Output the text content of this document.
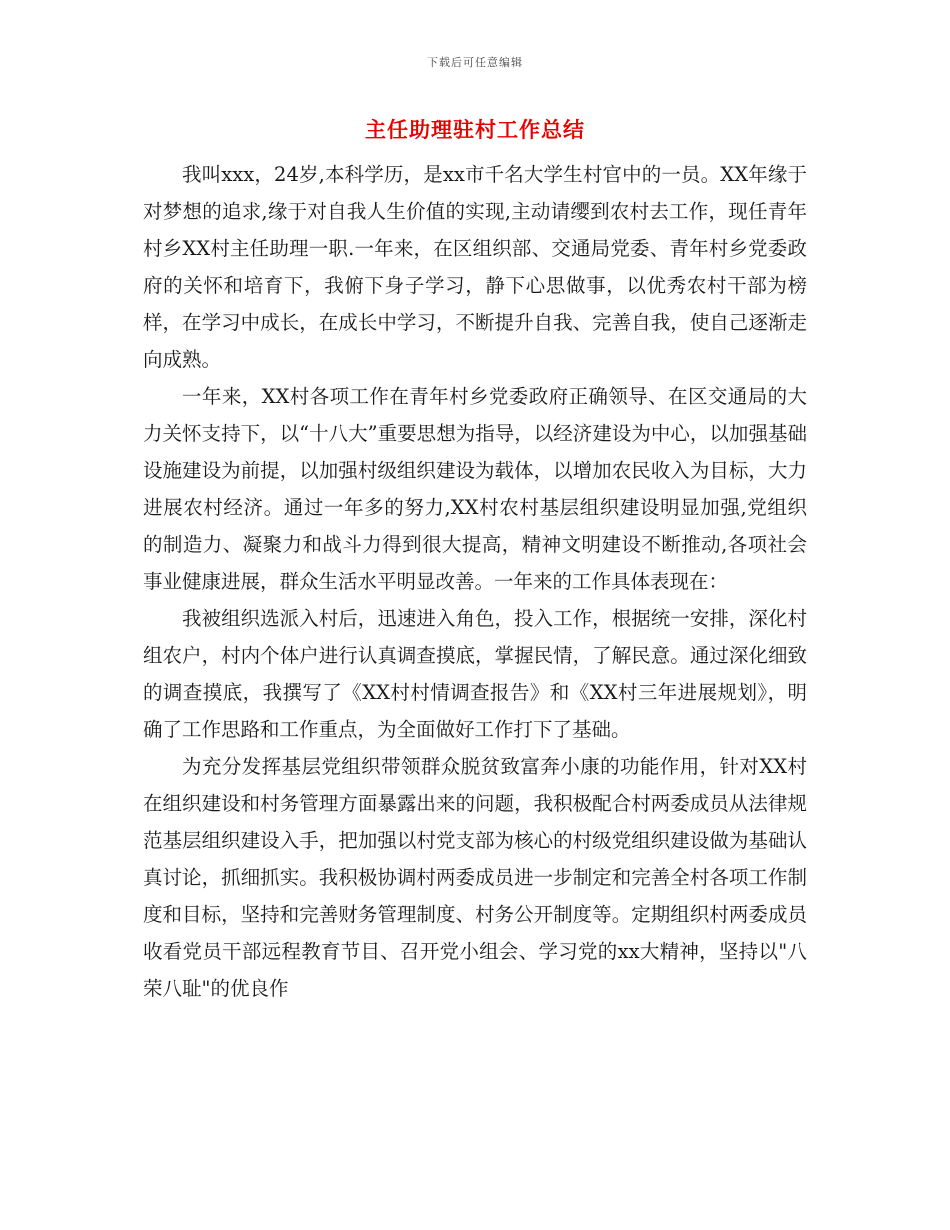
下载后可任意编辑
主任助理驻村工作总结

我叫xxx，24岁,本科学历，是xx市千名大学生村官中的一员。XX年缘于对梦想的追求,缘于对自我人生价值的实现,主动请缨到农村去工作，现任青年村乡XX村主任助理一职.一年来，在区组织部、交通局党委、青年村乡党委政府的关怀和培育下，我俯下身子学习，静下心思做事，以优秀农村干部为榜样，在学习中成长，在成长中学习，不断提升自我、完善自我，使自己逐渐走向成熟。

一年来，XX村各项工作在青年村乡党委政府正确领导、在区交通局的大力关怀支持下，以“十八大”重要思想为指导，以经济建设为中心，以加强基础设施建设为前提，以加强村级组织建设为载体，以增加农民收入为目标，大力进展农村经济。通过一年多的努力,XX村农村基层组织建设明显加强,党组织的制造力、凝聚力和战斗力得到很大提高，精神文明建设不断推动,各项社会事业健康进展，群众生活水平明显改善。一年来的工作具体表现在：

我被组织选派入村后，迅速进入角色，投入工作，根据统一安排，深化村组农户，村内个体户进行认真调查摸底，掌握民情，了解民意。通过深化细致的调查摸底，我撰写了《XX村村情调查报告》和《XX村三年进展规划》，明确了工作思路和工作重点，为全面做好工作打下了基础。

为充分发挥基层党组织带领群众脱贫致富奔小康的功能作用，针对XX村在组织建设和村务管理方面暴露出来的问题，我积极配合村两委成员从法律规范基层组织建设入手，把加强以村党支部为核心的村级党组织建设做为基础认真讨论，抓细抓实。我积极协调村两委成员进一步制定和完善全村各项工作制度和目标，坚持和完善财务管理制度、村务公开制度等。定期组织村两委成员收看党员干部远程教育节目、召开党小组会、学习党的xx大精神，坚持以"八荣八耻"的优良作
